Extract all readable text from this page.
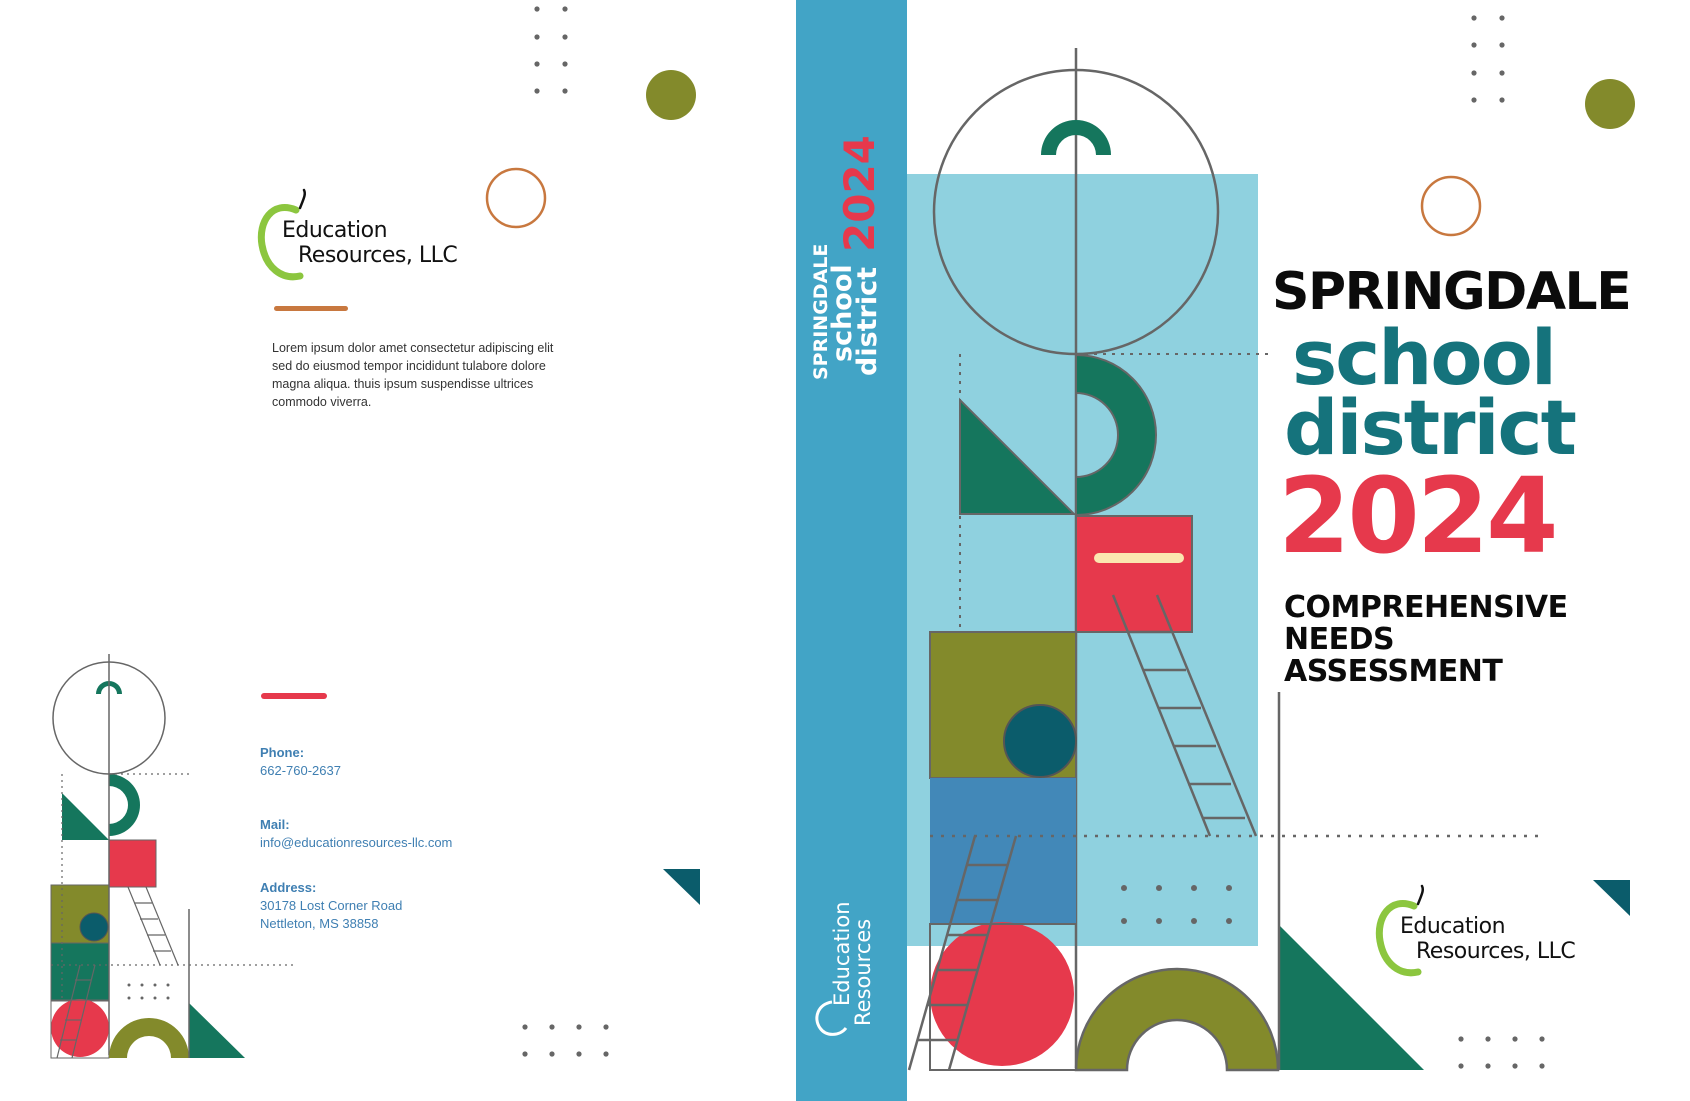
Education
Resources, LLC
Lorem ipsum dolor amet consectetur adipiscing elit
sed do eiusmod tempor incididunt tulabore dolore
magna aliqua. thuis ipsum suspendisse ultrices
commodo viverra.
Phone:
662-760-2637
Mail:
info@educationresources-llc.com
Address:
30178 Lost Corner Road
Nettleton, MS 38858
SPRINGDALE
school
district
2024
Education
Resources
SPRINGDALE
school
district
2024
COMPREHENSIVE
NEEDS
ASSESSMENT
Education
Resources, LLC
